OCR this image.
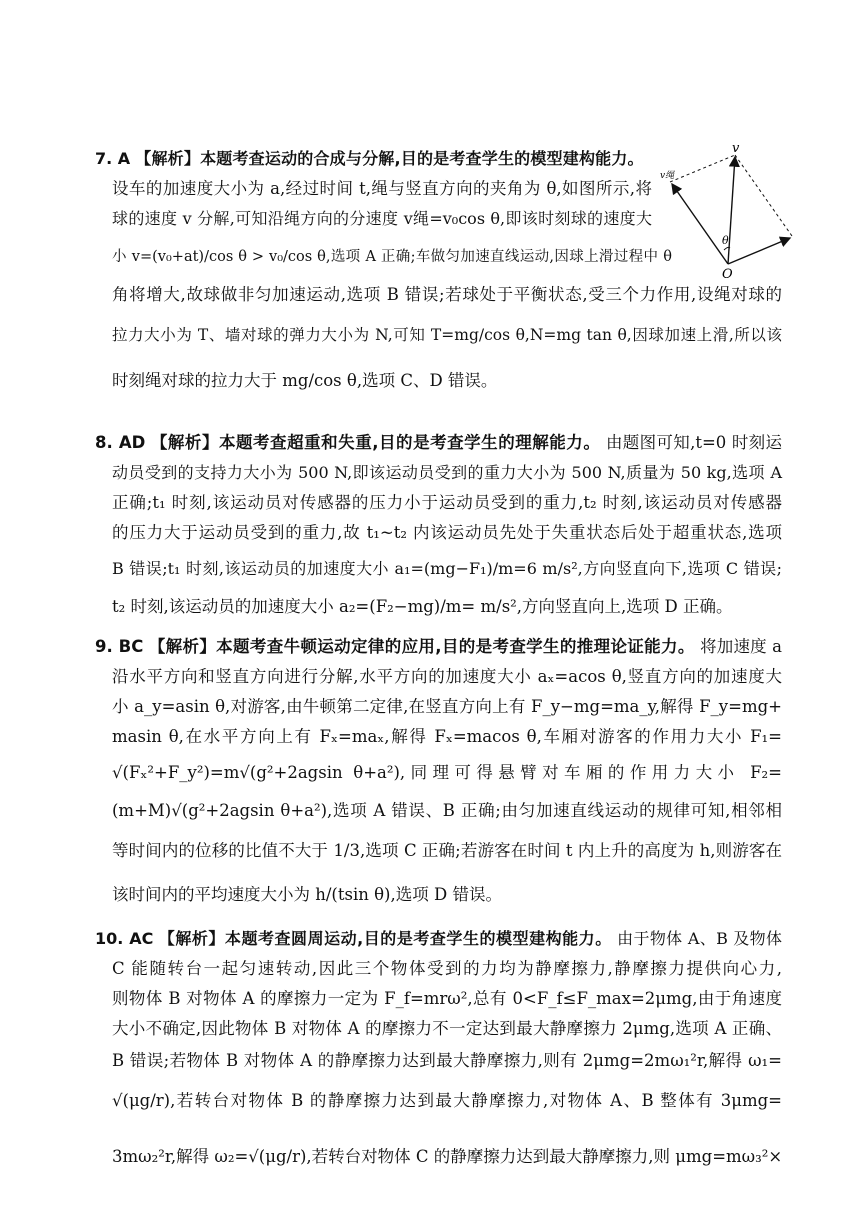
7. A 【解析】本题考查运动的合成与分解,目的是考查学生的模型建构能力。
设车的加速度大小为 a,经过时间 t,绳与竖直方向的夹角为 θ,如图所示,将
球的速度 v 分解,可知沿绳方向的分速度 v绳=v₀cos θ,即该时刻球的速度大
小 v=(v₀+at)/cos θ > v₀/cos θ,选项 A 正确;车做匀加速直线运动,因球上滑过程中 θ
角将增大,故球做非匀加速运动,选项 B 错误;若球处于平衡状态,受三个力作用,设绳对球的
拉力大小为 T、墙对球的弹力大小为 N,可知 T=mg/cos θ,N=mg tan θ,因球加速上滑,所以该
时刻绳对球的拉力大于 mg/cos θ,选项 C、D 错误。
v
v绳
θ
O
8. AD 【解析】本题考查超重和失重,目的是考查学生的理解能力。 由题图可知,t=0 时刻运
动员受到的支持力大小为 500 N,即该运动员受到的重力大小为 500 N,质量为 50 kg,选项 A
正确;t₁ 时刻,该运动员对传感器的压力小于运动员受到的重力,t₂ 时刻,该运动员对传感器
的压力大于运动员受到的重力,故 t₁~t₂ 内该运动员先处于失重状态后处于超重状态,选项
B 错误;t₁ 时刻,该运动员的加速度大小 a₁=(mg−F₁)/m=6 m/s²,方向竖直向下,选项 C 错误;
t₂ 时刻,该运动员的加速度大小 a₂=(F₂−mg)/m= m/s²,方向竖直向上,选项 D 正确。
9. BC 【解析】本题考查牛顿运动定律的应用,目的是考查学生的推理论证能力。 将加速度 a
沿水平方向和竖直方向进行分解,水平方向的加速度大小 aₓ=acos θ,竖直方向的加速度大
小 a_y=asin θ,对游客,由牛顿第二定律,在竖直方向上有 F_y−mg=ma_y,解得 F_y=mg+
masin θ,在水平方向上有 Fₓ=maₓ,解得 Fₓ=macos θ,车厢对游客的作用力大小 F₁=
√(Fₓ²+F_y²)=m√(g²+2agsin θ+a²),同理可得悬臂对车厢的作用力大小 F₂=
(m+M)√(g²+2agsin θ+a²),选项 A 错误、B 正确;由匀加速直线运动的规律可知,相邻相
等时间内的位移的比值不大于 1/3,选项 C 正确;若游客在时间 t 内上升的高度为 h,则游客在
该时间内的平均速度大小为 h/(tsin θ),选项 D 错误。
10. AC 【解析】本题考查圆周运动,目的是考查学生的模型建构能力。 由于物体 A、B 及物体
C 能随转台一起匀速转动,因此三个物体受到的力均为静摩擦力,静摩擦力提供向心力,
则物体 B 对物体 A 的摩擦力一定为 F_f=mrω²,总有 0<F_f≤F_max=2μmg,由于角速度
大小不确定,因此物体 B 对物体 A 的摩擦力不一定达到最大静摩擦力 2μmg,选项 A 正确、
B 错误;若物体 B 对物体 A 的静摩擦力达到最大静摩擦力,则有 2μmg=2mω₁²r,解得 ω₁=
√(μg/r),若转台对物体 B 的静摩擦力达到最大静摩擦力,对物体 A、B 整体有 3μmg=
3mω₂²r,解得 ω₂=√(μg/r),若转台对物体 C 的静摩擦力达到最大静摩擦力,则 μmg=mω₃²×
